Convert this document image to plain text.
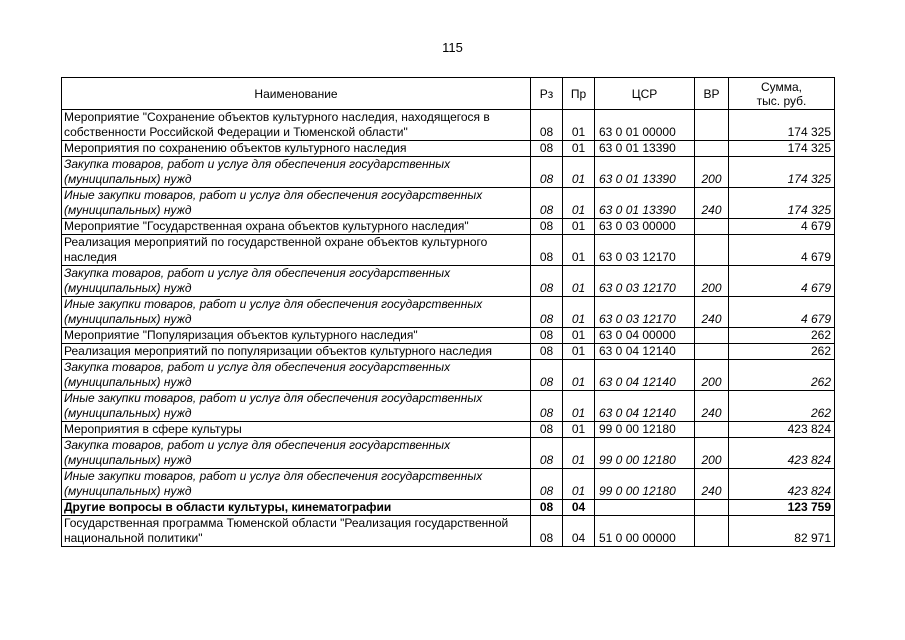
115
Наименование	Рз	Пр	ЦСР	ВР	Сумма,
тыс. руб.
Мероприятие "Сохранение объектов культурного наследия, находящегося в собственности Российской Федерации и Тюменской области"	08	01	63 0 01 00000		174 325
Мероприятия по сохранению объектов культурного наследия	08	01	63 0 01 13390		174 325
Закупка товаров, работ и услуг для обеспечения государственных (муниципальных) нужд	08	01	63 0 01 13390	200	174 325
Иные закупки товаров, работ и услуг для обеспечения государственных (муниципальных) нужд	08	01	63 0 01 13390	240	174 325
Мероприятие "Государственная охрана объектов культурного наследия"	08	01	63 0 03 00000		4 679
Реализация мероприятий по государственной охране объектов культурного наследия	08	01	63 0 03 12170		4 679
Закупка товаров, работ и услуг для обеспечения государственных (муниципальных) нужд	08	01	63 0 03 12170	200	4 679
Иные закупки товаров, работ и услуг для обеспечения государственных (муниципальных) нужд	08	01	63 0 03 12170	240	4 679
Мероприятие "Популяризация объектов культурного наследия"	08	01	63 0 04 00000		262
Реализация мероприятий по популяризации объектов культурного наследия	08	01	63 0 04 12140		262
Закупка товаров, работ и услуг для обеспечения государственных (муниципальных) нужд	08	01	63 0 04 12140	200	262
Иные закупки товаров, работ и услуг для обеспечения государственных (муниципальных) нужд	08	01	63 0 04 12140	240	262
Мероприятия в сфере культуры	08	01	99 0 00 12180		423 824
Закупка товаров, работ и услуг для обеспечения государственных (муниципальных) нужд	08	01	99 0 00 12180	200	423 824
Иные закупки товаров, работ и услуг для обеспечения государственных (муниципальных) нужд	08	01	99 0 00 12180	240	423 824
Другие вопросы в области культуры, кинематографии	08	04			123 759
Государственная программа Тюменской области "Реализация государственной национальной политики"	08	04	51 0 00 00000		82 971
